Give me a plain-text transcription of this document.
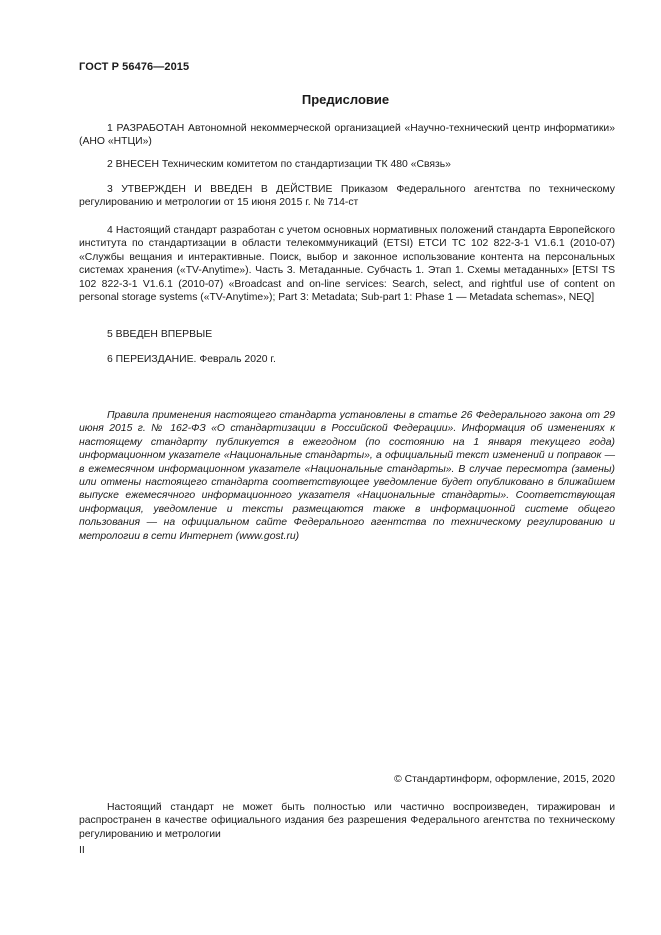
ГОСТ Р 56476—2015
Предисловие

1 РАЗРАБОТАН Автономной некоммерческой организацией «Научно-технический центр информатики» (АНО «НТЦИ»)

2 ВНЕСЕН Техническим комитетом по стандартизации ТК 480 «Связь»

3 УТВЕРЖДЕН И ВВЕДЕН В ДЕЙСТВИЕ Приказом Федерального агентства по техническому регулированию и метрологии от 15 июня 2015 г. № 714-ст

4 Настоящий стандарт разработан с учетом основных нормативных положений стандарта Европейского института по стандартизации в области телекоммуникаций (ETSI) ЕТСИ ТС 102 822-3-1 V1.6.1 (2010-07) «Службы вещания и интерактивные. Поиск, выбор и законное использование контента на персональных системах хранения («TV-Anytime»). Часть 3. Метаданные. Субчасть 1. Этап 1. Схемы метаданных» [ETSI TS 102 822-3-1 V1.6.1 (2010-07) «Broadcast and on-line services: Search, select, and rightful use of content on personal storage systems («TV-Anytime»); Part 3: Metadata; Sub-part 1: Phase 1 — Metadata schemas», NEQ]

5 ВВЕДЕН ВПЕРВЫЕ

6 ПЕРЕИЗДАНИЕ. Февраль 2020 г.

Правила применения настоящего стандарта установлены в статье 26 Федерального закона от 29 июня 2015 г. № 162-ФЗ «О стандартизации в Российской Федерации». Информация об изменениях к настоящему стандарту публикуется в ежегодном (по состоянию на 1 января текущего года) информационном указателе «Национальные стандарты», а официальный текст изменений и поправок — в ежемесячном информационном указателе «Национальные стандарты». В случае пересмотра (замены) или отмены настоящего стандарта соответствующее уведомление будет опубликовано в ближайшем выпуске ежемесячного информационного указателя «Национальные стандарты». Соответствующая информация, уведомление и тексты размещаются также в информационной системе общего пользования — на официальном сайте Федерального агентства по техническому регулированию и метрологии в сети Интернет (www.gost.ru)

© Стандартинформ, оформление, 2015, 2020

Настоящий стандарт не может быть полностью или частично воспроизведен, тиражирован и распространен в качестве официального издания без разрешения Федерального агентства по техническому регулированию и метрологии

II
